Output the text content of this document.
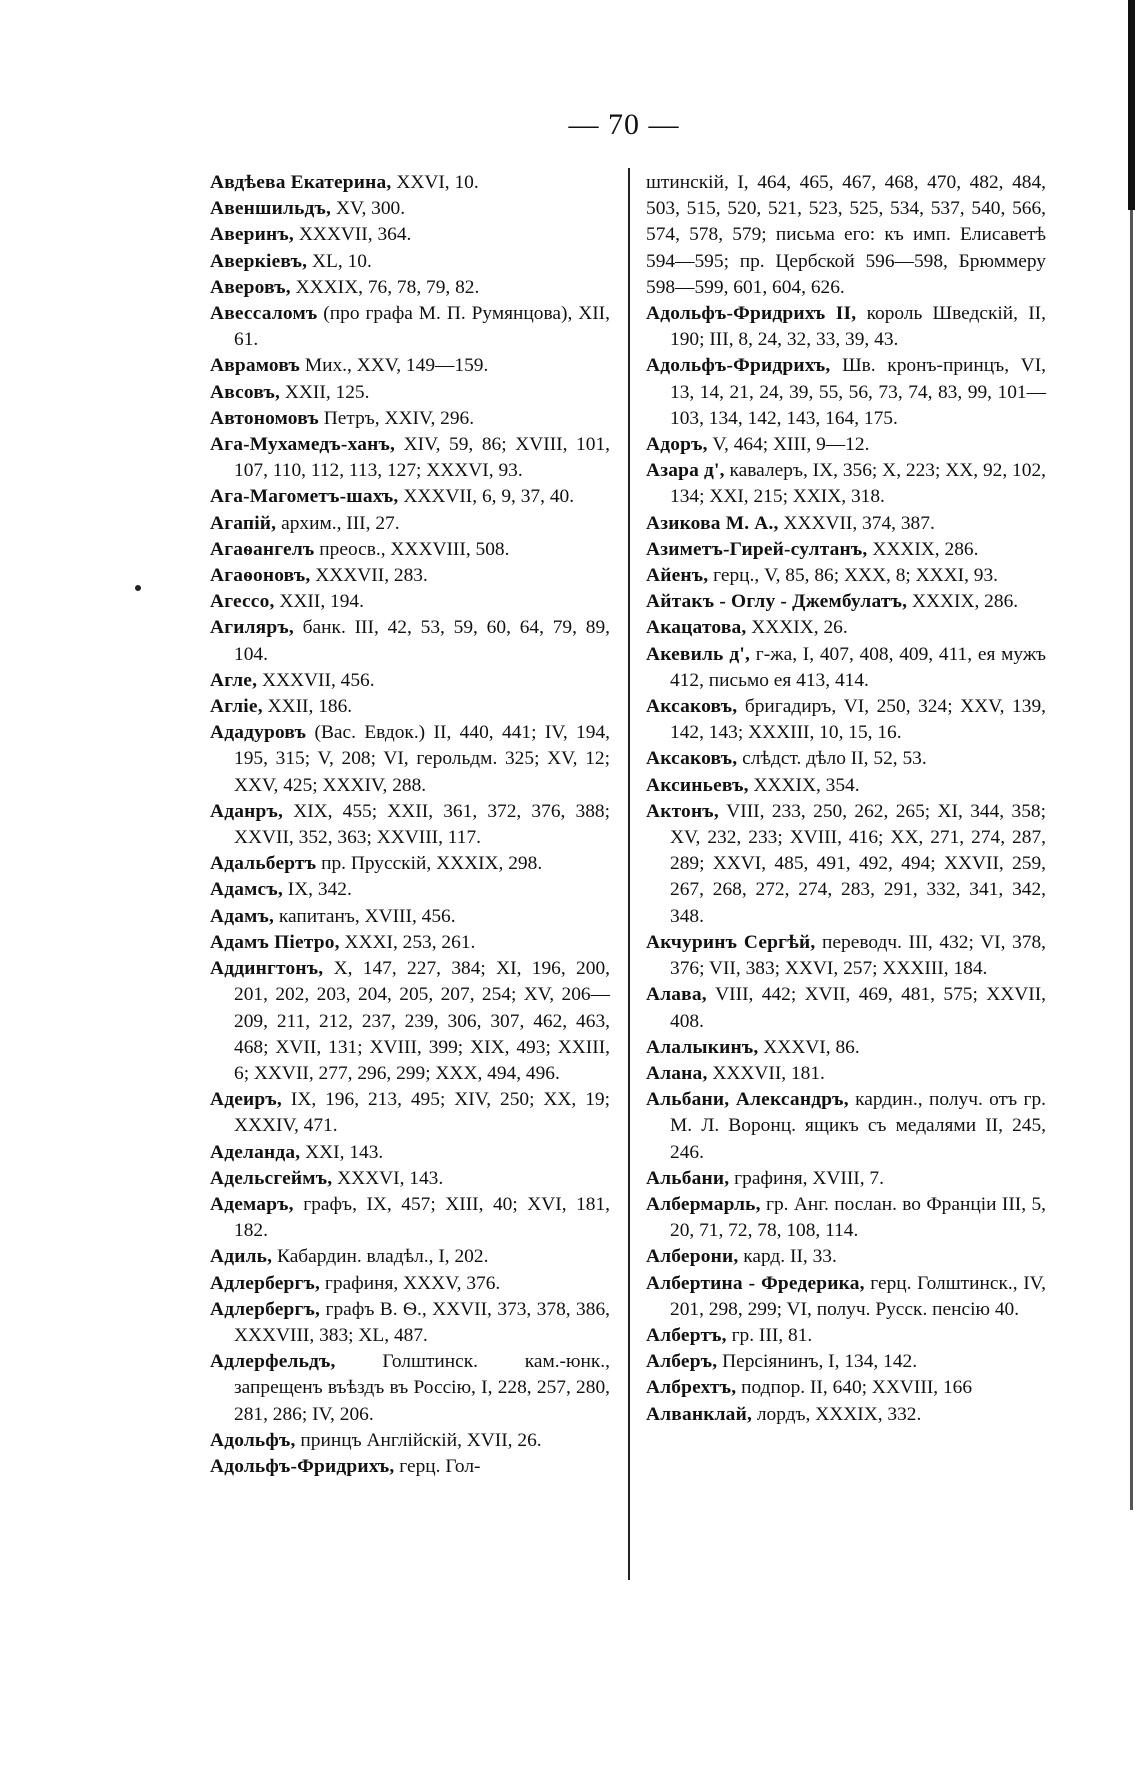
— 70 —

Авдѣева Екатерина, XXVI, 10.

Авеншильдъ, XV, 300.

Аверинъ, XXXVII, 364.

Аверкіевъ, XL, 10.

Аверовъ, XXXIX, 76, 78, 79, 82.

Авессаломъ (про графа М. П. Румянцова), XII, 61.

Аврамовъ Мих., XXV, 149—159.

Авсовъ, XXII, 125.

Автономовъ Петръ, XXIV, 296.

Ага-Мухамедъ-ханъ, XIV, 59, 86; XVIII, 101, 107, 110, 112, 113, 127; XXXVI, 93.

Ага-Магометъ-шахъ, XXXVII, 6, 9, 37, 40.

Агапій, архим., III, 27.

Агаѳангелъ преосв., XXXVIII, 508.

Агаѳоновъ, XXXVII, 283.

Агессо, XXII, 194.

Агиляръ, банк. III, 42, 53, 59, 60, 64, 79, 89, 104.

Агле, XXXVII, 456.

Аглie, XXII, 186.

Ададуровъ (Вас. Евдок.) II, 440, 441; IV, 194, 195, 315; V, 208; VI, герольдм. 325; XV, 12; XXV, 425; XXXIV, 288.

Аданръ, XIX, 455; XXII, 361, 372, 376, 388; XXVII, 352, 363; XXVIII, 117.

Адальбертъ пр. Прусскій, XXXIX, 298.

Адамсъ, IX, 342.

Адамъ, капитанъ, XVIII, 456.

Адамъ Піетро, XXXI, 253, 261.

Аддингтонъ, X, 147, 227, 384; XI, 196, 200, 201, 202, 203, 204, 205, 207, 254; XV, 206—209, 211, 212, 237, 239, 306, 307, 462, 463, 468; XVII, 131; XVIII, 399; XIX, 493; XXIII, 6; XXVII, 277, 296, 299; XXX, 494, 496.

Адеиръ, IX, 196, 213, 495; XIV, 250; XX, 19; XXXIV, 471.

Аделанда, XXI, 143.

Адельсгеймъ, XXXVI, 143.

Адемаръ, графъ, IX, 457; XIII, 40; XVI, 181, 182.

Адиль, Кабардин. владѣл., I, 202.

Адлербергъ, графиня, XXXV, 376.

Адлербергъ, графъ В. Ѳ., XXVII, 373, 378, 386, XXXVIII, 383; XL, 487.

Адлерфельдъ, Голштинск. кам.-юнк., запрещенъ въѣздъ въ Россію, I, 228, 257, 280, 281, 286; IV, 206.

Адольфъ, принцъ Англійскій, XVII, 26.

Адольфъ-Фридрихъ, герц. Гол-

штинскій, I, 464, 465, 467, 468, 470, 482, 484, 503, 515, 520, 521, 523, 525, 534, 537, 540, 566, 574, 578, 579; письма его: къ имп. Елисаветѣ 594—595; пр. Цербской 596—598, Брюммеру 598—599, 601, 604, 626.

Адольфъ-Фридрихъ II, король Шведскій, II, 190; III, 8, 24, 32, 33, 39, 43.

Адольфъ-Фридрихъ, Шв. кронъ-принцъ, VI, 13, 14, 21, 24, 39, 55, 56, 73, 74, 83, 99, 101—103, 134, 142, 143, 164, 175.

Адоръ, V, 464; XIII, 9—12.

Азара д', кавалеръ, IX, 356; X, 223; XX, 92, 102, 134; XXI, 215; XXIX, 318.

Азикова М. А., XXXVII, 374, 387.

Азиметъ-Гирей-султанъ, XXXIX, 286.

Айенъ, герц., V, 85, 86; XXX, 8; XXXI, 93.

Айтакъ - Оглу - Джембулатъ, XXXIX, 286.

Акацатова, XXXIX, 26.

Акевиль д', г-жа, I, 407, 408, 409, 411, ея мужъ 412, письмо ея 413, 414.

Аксаковъ, бригадиръ, VI, 250, 324; XXV, 139, 142, 143; XXXIII, 10, 15, 16.

Аксаковъ, слѣдст. дѣло II, 52, 53.

Аксиньевъ, XXXIX, 354.

Актонъ, VIII, 233, 250, 262, 265; XI, 344, 358; XV, 232, 233; XVIII, 416; XX, 271, 274, 287, 289; XXVI, 485, 491, 492, 494; XXVII, 259, 267, 268, 272, 274, 283, 291, 332, 341, 342, 348.

Акчуринъ Сергѣй, переводч. III, 432; VI, 378, 376; VII, 383; XXVI, 257; XXXIII, 184.

Алава, VIII, 442; XVII, 469, 481, 575; XXVII, 408.

Алалыкинъ, XXXVI, 86.

Алана, XXXVII, 181.

Альбани, Александръ, кардин., получ. отъ гр. М. Л. Воронц. ящикъ съ медалями II, 245, 246.

Альбани, графиня, XVIII, 7.

Албермарль, гр. Анг. послан. во Франціи III, 5, 20, 71, 72, 78, 108, 114.

Алберони, кард. II, 33.

Албертина - Фредерика, герц. Голштинск., IV, 201, 298, 299; VI, получ. Русск. пенсію 40.

Албертъ, гр. III, 81.

Алберъ, Персіянинъ, I, 134, 142.

Албрехтъ, подпор. II, 640; XXVIII, 166

Алванклай, лордъ, XXXIX, 332.
